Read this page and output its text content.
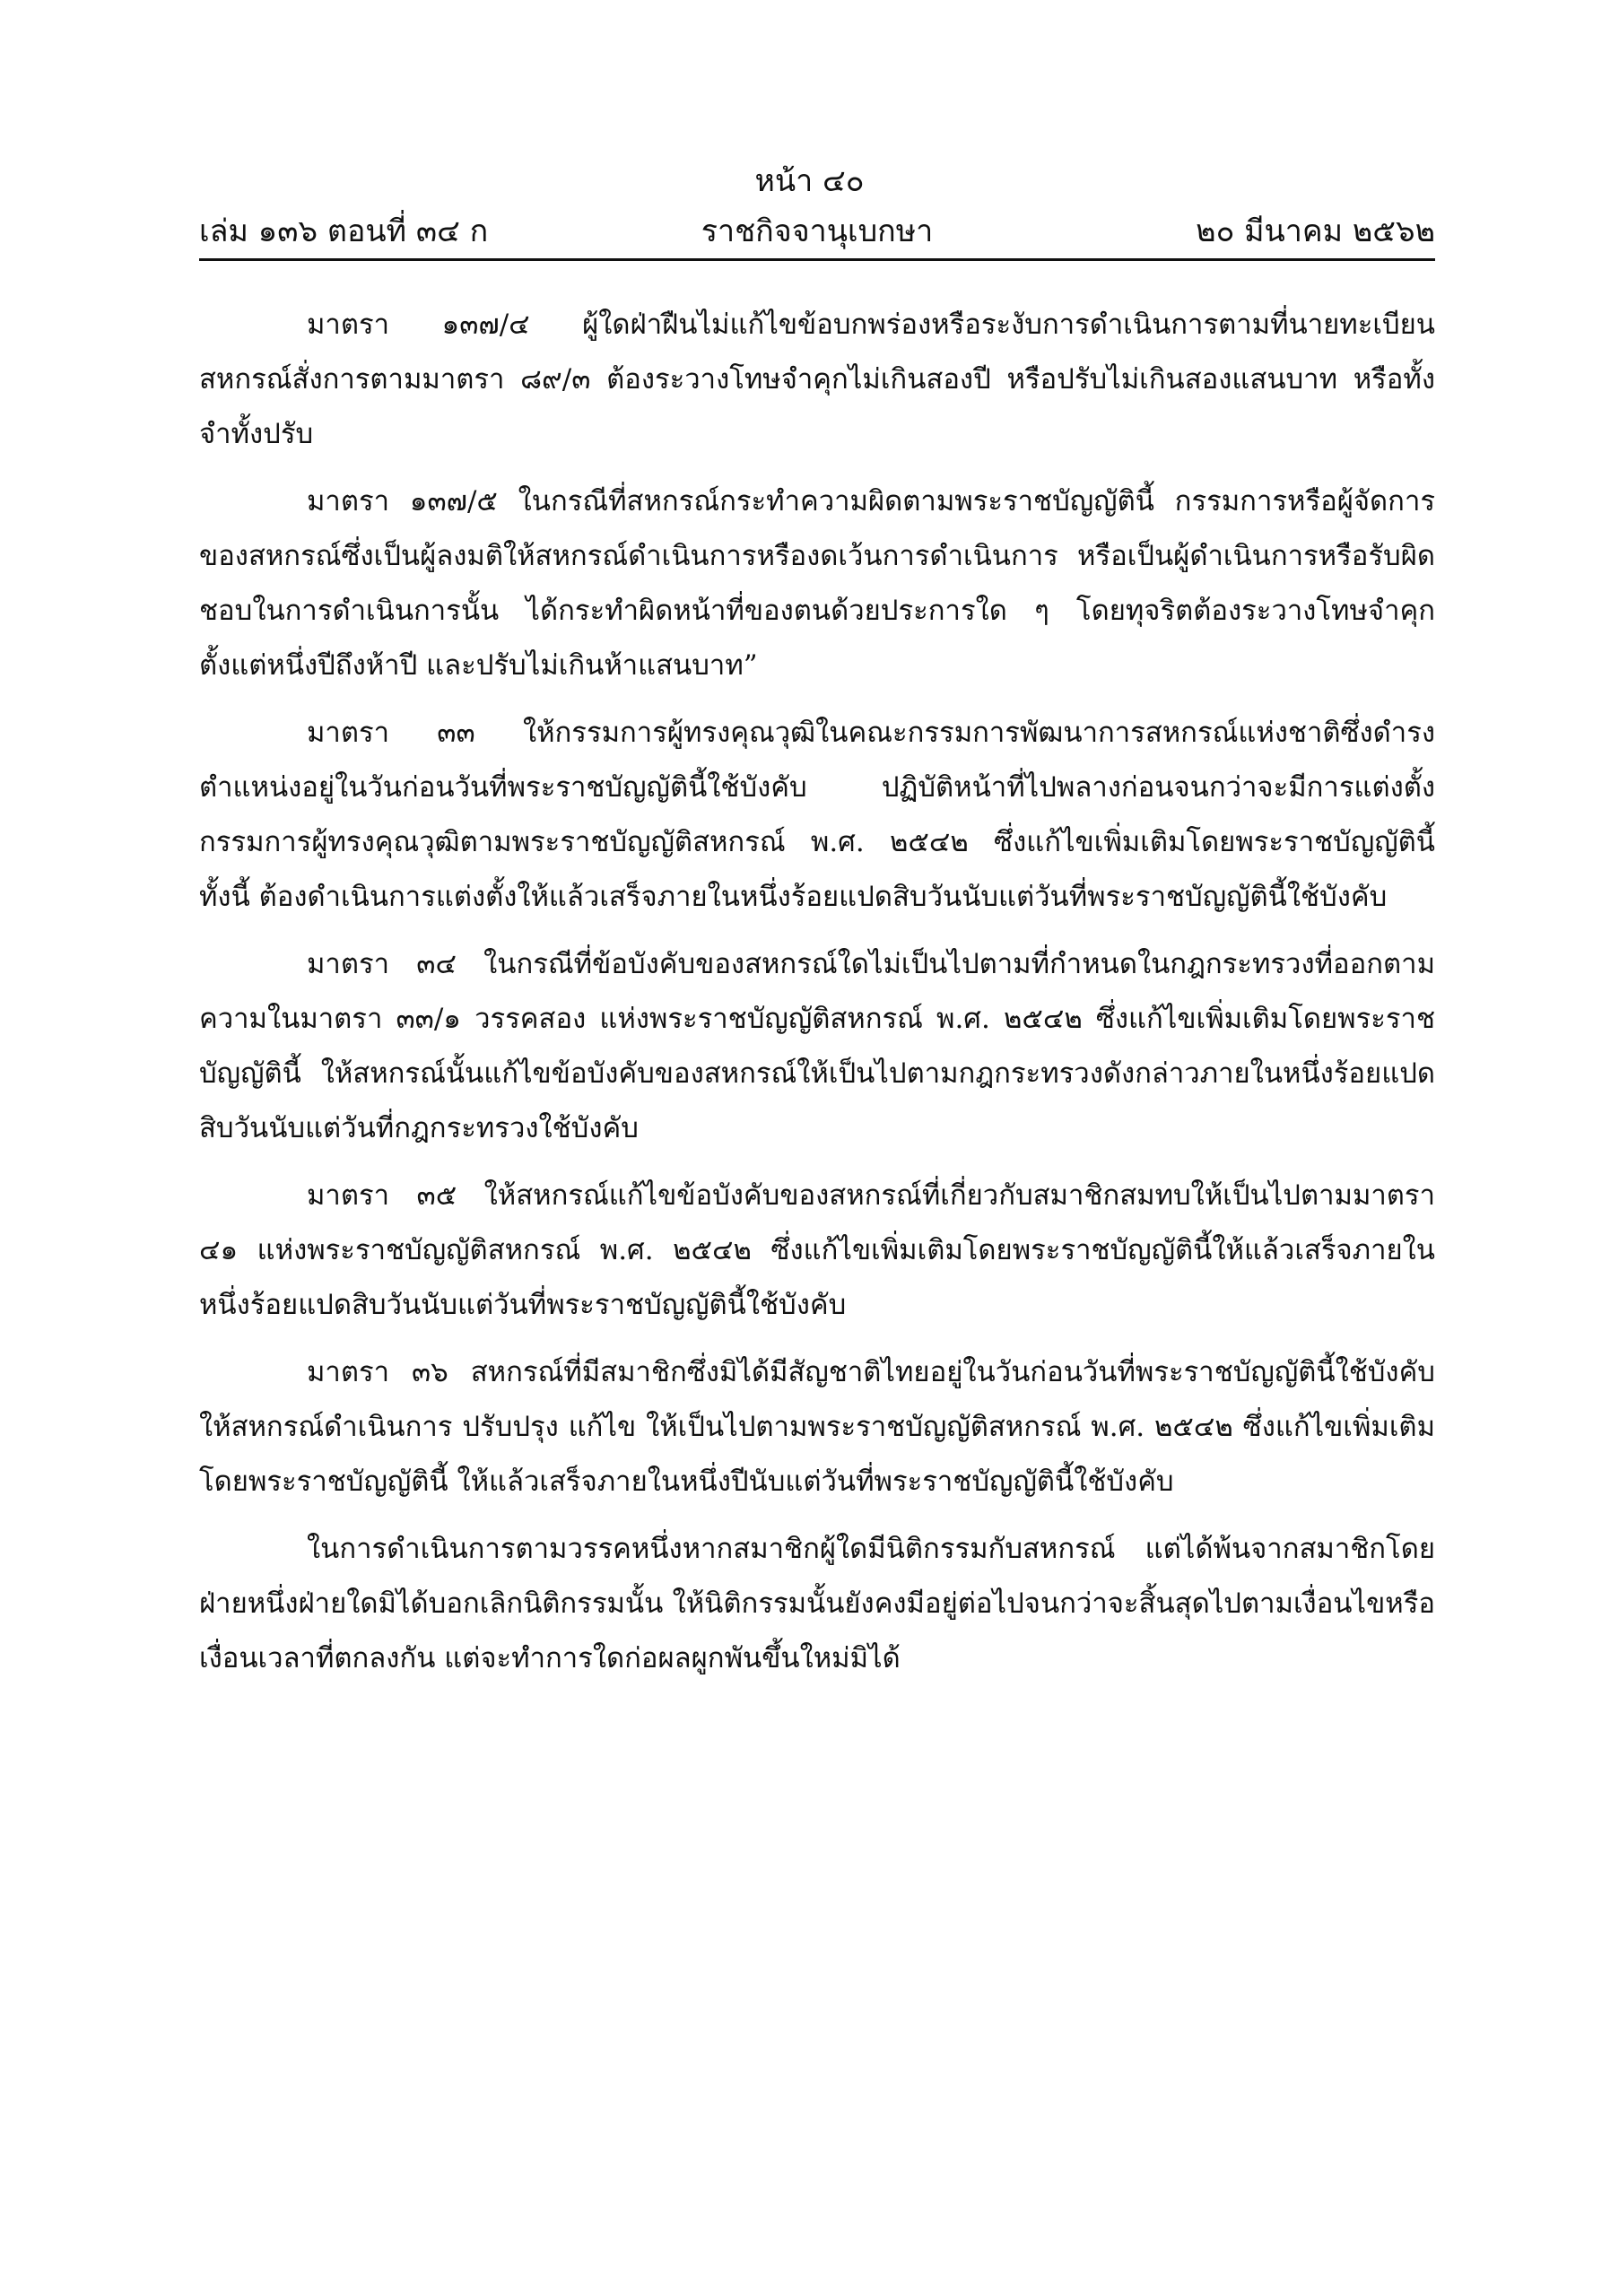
หน้า ๔๐
ราชกิจจานุเบกษา
เล่ม ๑๓๖ ตอนที่ ๓๔ ก	๒๐ มีนาคม ๒๕๖๒

มาตรา ๑๓๗/๔ ผู้ใดฝ่าฝืนไม่แก้ไขข้อบกพร่องหรือระงับการดำเนินการตามที่นายทะเบียนสหกรณ์สั่งการตามมาตรา ๘๙/๓ ต้องระวางโทษจำคุกไม่เกินสองปี หรือปรับไม่เกินสองแสนบาท หรือทั้งจำทั้งปรับ

มาตรา ๑๓๗/๕ ในกรณีที่สหกรณ์กระทำความผิดตามพระราชบัญญัตินี้ กรรมการหรือผู้จัดการของสหกรณ์ซึ่งเป็นผู้ลงมติให้สหกรณ์ดำเนินการหรืองดเว้นการดำเนินการ หรือเป็นผู้ดำเนินการหรือรับผิดชอบในการดำเนินการนั้น ได้กระทำผิดหน้าที่ของตนด้วยประการใด ๆ โดยทุจริตต้องระวางโทษจำคุกตั้งแต่หนึ่งปีถึงห้าปี และปรับไม่เกินห้าแสนบาท”

มาตรา ๓๓ ให้กรรมการผู้ทรงคุณวุฒิในคณะกรรมการพัฒนาการสหกรณ์แห่งชาติซึ่งดำรงตำแหน่งอยู่ในวันก่อนวันที่พระราชบัญญัตินี้ใช้บังคับ ปฏิบัติหน้าที่ไปพลางก่อนจนกว่าจะมีการแต่งตั้งกรรมการผู้ทรงคุณวุฒิตามพระราชบัญญัติสหกรณ์ พ.ศ. ๒๕๔๒ ซึ่งแก้ไขเพิ่มเติมโดยพระราชบัญญัตินี้ ทั้งนี้ ต้องดำเนินการแต่งตั้งให้แล้วเสร็จภายในหนึ่งร้อยแปดสิบวันนับแต่วันที่พระราชบัญญัตินี้ใช้บังคับ

มาตรา ๓๔ ในกรณีที่ข้อบังคับของสหกรณ์ใดไม่เป็นไปตามที่กำหนดในกฎกระทรวงที่ออกตามความในมาตรา ๓๓/๑ วรรคสอง แห่งพระราชบัญญัติสหกรณ์ พ.ศ. ๒๕๔๒ ซึ่งแก้ไขเพิ่มเติมโดยพระราชบัญญัตินี้ ให้สหกรณ์นั้นแก้ไขข้อบังคับของสหกรณ์ให้เป็นไปตามกฎกระทรวงดังกล่าวภายในหนึ่งร้อยแปดสิบวันนับแต่วันที่กฎกระทรวงใช้บังคับ

มาตรา ๓๕ ให้สหกรณ์แก้ไขข้อบังคับของสหกรณ์ที่เกี่ยวกับสมาชิกสมทบให้เป็นไปตามมาตรา ๔๑ แห่งพระราชบัญญัติสหกรณ์ พ.ศ. ๒๕๔๒ ซึ่งแก้ไขเพิ่มเติมโดยพระราชบัญญัตินี้ให้แล้วเสร็จภายในหนึ่งร้อยแปดสิบวันนับแต่วันที่พระราชบัญญัตินี้ใช้บังคับ

มาตรา ๓๖ สหกรณ์ที่มีสมาชิกซึ่งมิได้มีสัญชาติไทยอยู่ในวันก่อนวันที่พระราชบัญญัตินี้ใช้บังคับ ให้สหกรณ์ดำเนินการ ปรับปรุง แก้ไข ให้เป็นไปตามพระราชบัญญัติสหกรณ์ พ.ศ. ๒๕๔๒ ซึ่งแก้ไขเพิ่มเติมโดยพระราชบัญญัตินี้ ให้แล้วเสร็จภายในหนึ่งปีนับแต่วันที่พระราชบัญญัตินี้ใช้บังคับ

ในการดำเนินการตามวรรคหนึ่งหากสมาชิกผู้ใดมีนิติกรรมกับสหกรณ์ แต่ได้พ้นจากสมาชิกโดยฝ่ายหนึ่งฝ่ายใดมิได้บอกเลิกนิติกรรมนั้น ให้นิติกรรมนั้นยังคงมีอยู่ต่อไปจนกว่าจะสิ้นสุดไปตามเงื่อนไขหรือเงื่อนเวลาที่ตกลงกัน แต่จะทำการใดก่อผลผูกพันขึ้นใหม่มิได้
